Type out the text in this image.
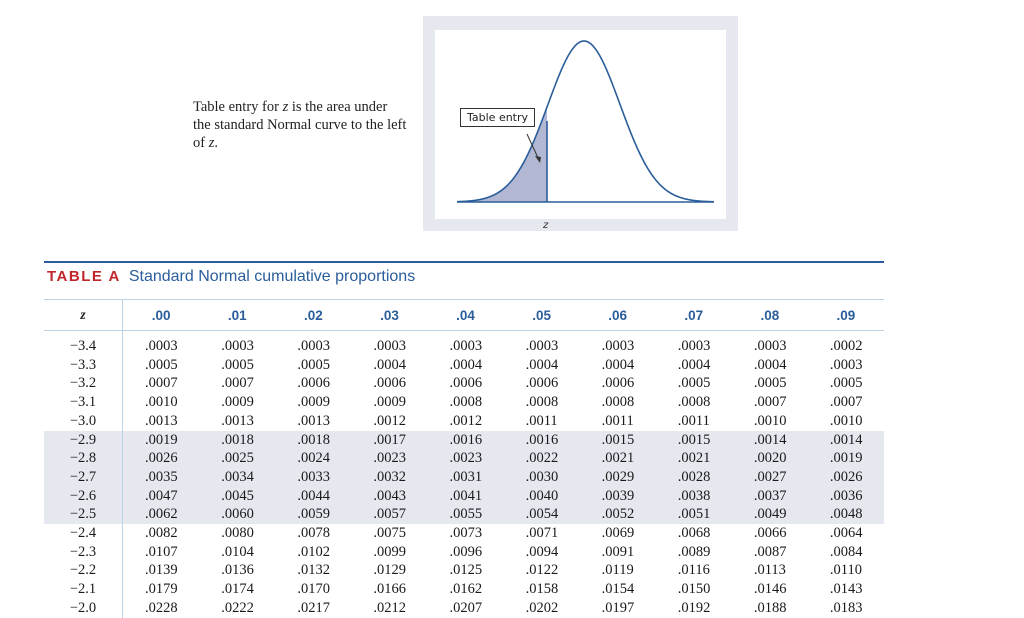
Table entry for z is the area under the standard Normal curve to the left of z.
Table entry
z
TABLE A Standard Normal cumulative proportions
z	.00	.01	.02	.03	.04	.05	.06	.07	.08	.09
−3.4	.0003	.0003	.0003	.0003	.0003	.0003	.0003	.0003	.0003	.0002
−3.3	.0005	.0005	.0005	.0004	.0004	.0004	.0004	.0004	.0004	.0003
−3.2	.0007	.0007	.0006	.0006	.0006	.0006	.0006	.0005	.0005	.0005
−3.1	.0010	.0009	.0009	.0009	.0008	.0008	.0008	.0008	.0007	.0007
−3.0	.0013	.0013	.0013	.0012	.0012	.0011	.0011	.0011	.0010	.0010
−2.9	.0019	.0018	.0018	.0017	.0016	.0016	.0015	.0015	.0014	.0014
−2.8	.0026	.0025	.0024	.0023	.0023	.0022	.0021	.0021	.0020	.0019
−2.7	.0035	.0034	.0033	.0032	.0031	.0030	.0029	.0028	.0027	.0026
−2.6	.0047	.0045	.0044	.0043	.0041	.0040	.0039	.0038	.0037	.0036
−2.5	.0062	.0060	.0059	.0057	.0055	.0054	.0052	.0051	.0049	.0048
−2.4	.0082	.0080	.0078	.0075	.0073	.0071	.0069	.0068	.0066	.0064
−2.3	.0107	.0104	.0102	.0099	.0096	.0094	.0091	.0089	.0087	.0084
−2.2	.0139	.0136	.0132	.0129	.0125	.0122	.0119	.0116	.0113	.0110
−2.1	.0179	.0174	.0170	.0166	.0162	.0158	.0154	.0150	.0146	.0143
−2.0	.0228	.0222	.0217	.0212	.0207	.0202	.0197	.0192	.0188	.0183
